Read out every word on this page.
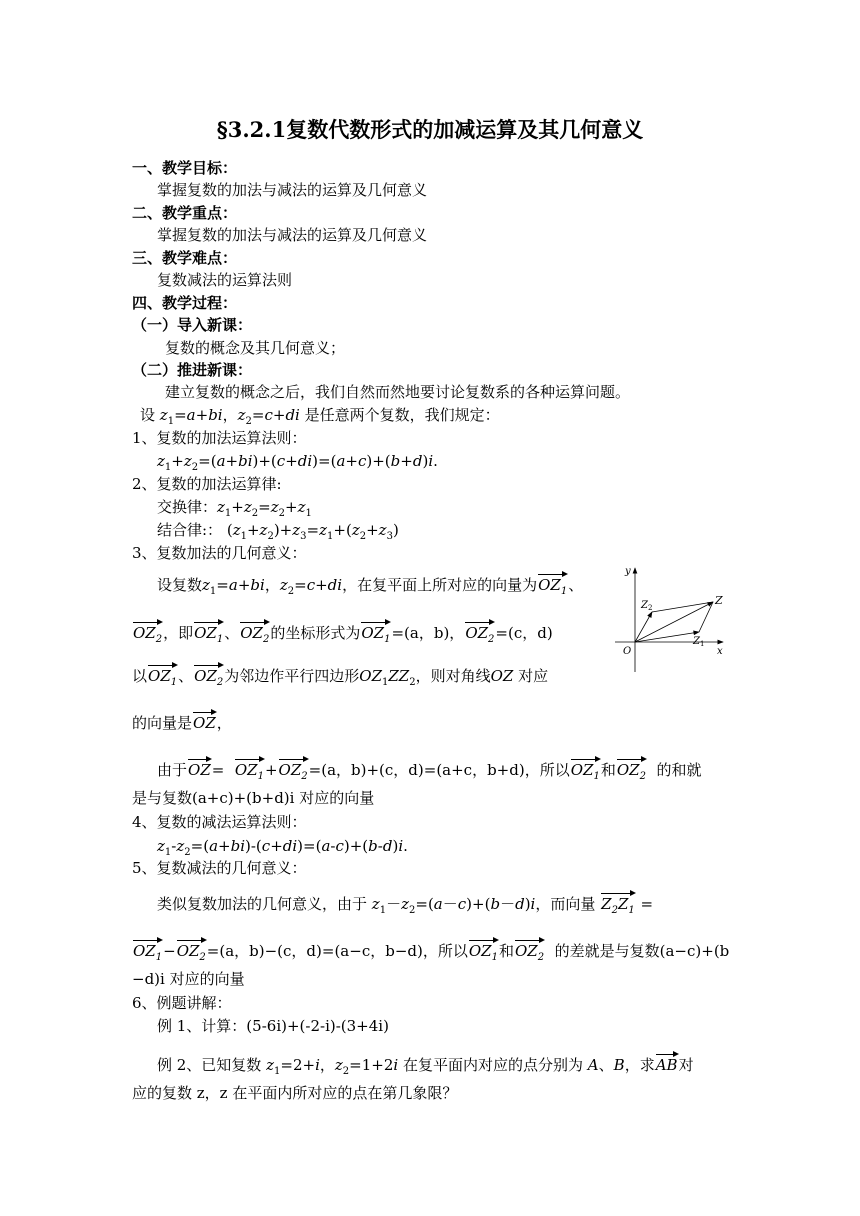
§3.2.1复数代数形式的加减运算及其几何意义
一、教学目标：
掌握复数的加法与减法的运算及几何意义
二、教学重点：
掌握复数的加法与减法的运算及几何意义
三、教学难点：
复数减法的运算法则
四、教学过程：
（一）导入新课：
复数的概念及其几何意义；
（二）推进新课：
建立复数的概念之后，我们自然而然地要讨论复数系的各种运算问题。
设 $z_1=a+bi$，$z_2=c+di$ 是任意两个复数，我们规定：
1、复数的加法运算法则：
$z_1+z_2=(a+bi)+(c+di)=(a+c)+(b+d)i$.
2、复数的加法运算律:
交换律：$z_1+z_2=z_2+z_1$
结合律:： $(z_1+z_2)+z_3=z_1+(z_2+z_3)$
3、复数加法的几何意义：
设复数$z_1=a+bi$，$z_2=c+di$，在复平面上所对应的向量为$OZ_1$、
$OZ_2$，即$OZ_1$、$OZ_2$的坐标形式为$OZ_1=(a$，b)，$OZ_2=(c$，d)
以$OZ_1$、$OZ_2$为邻边作平行四边形$OZ_1ZZ_2$，则对角线OZ 对应
的向量是OZ，
由于$OZ= OZ_1+OZ_2=(a$，b)+(c，d)=(a+c，b+d)，所以$OZ_1$和$OZ_2$ 的和就
是与复数(a+c)+(b+d)i 对应的向量
4、复数的减法运算法则：
$z_1-z_2=(a+bi)-(c+di)=(a-c)+(b-d)i$.
5、复数减法的几何意义：
类似复数加法的几何意义，由于 $z_1-z_2=(a-c)+(b-d)i$，而向量 $Z_2Z_1$ =
$OZ_1-OZ_2=(a$，b)−(c，d)=(a−c，b−d)，所以$OZ_1$和$OZ_2$ 的差就是与复数(a−c)+(b
−d)i 对应的向量
6、例题讲解：
例 1、计算：(5-6i)+(-2-i)-(3+4i)
例 2、已知复数 $z_1=2+i$，$z_2=1+2i$ 在复平面内对应的点分别为 A、B，求AB对
应的复数 z，z 在平面内所对应的点在第几象限？
y
x
O
Z
$Z_1$
$Z_2$
